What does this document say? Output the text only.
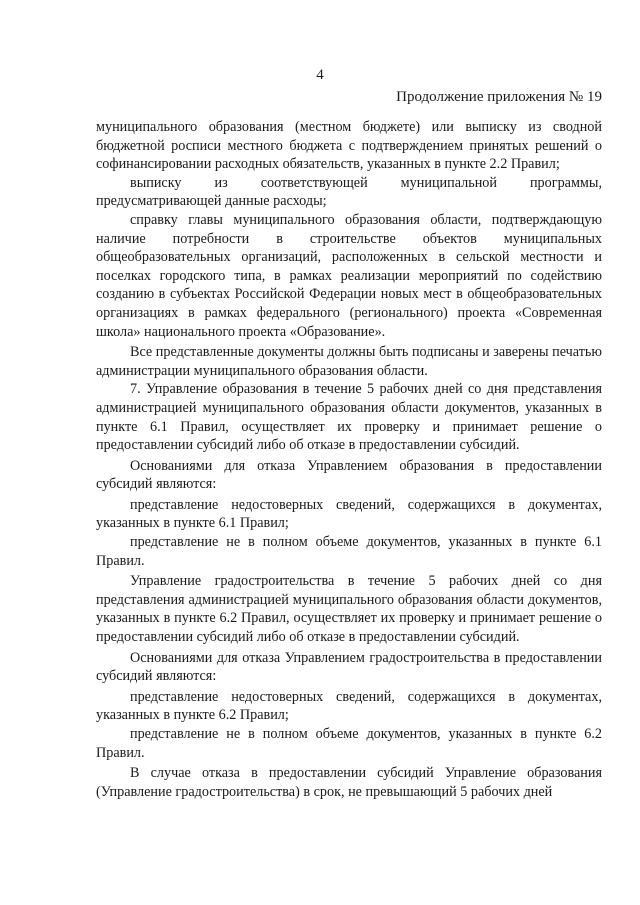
4
Продолжение приложения № 19

муниципального образования (местном бюджете) или выписку из сводной бюджетной росписи местного бюджета с подтверждением принятых решений о софинансировании расходных обязательств, указанных в пункте 2.2 Правил;

выписку из соответствующей муниципальной программы, предусматривающей данные расходы;

справку главы муниципального образования области, подтверждающую наличие потребности в строительстве объектов муниципальных общеобразовательных организаций, расположенных в сельской местности и поселках городского типа, в рамках реализации мероприятий по содействию созданию в субъектах Российской Федерации новых мест в общеобразовательных организациях в рамках федерального (регионального) проекта «Современная школа» национального проекта «Образование».

Все представленные документы должны быть подписаны и заверены печатью администрации муниципального образования области.

7. Управление образования в течение 5 рабочих дней со дня представления администрацией муниципального образования области документов, указанных в пункте 6.1 Правил, осуществляет их проверку и принимает решение о предоставлении субсидий либо об отказе в предоставлении субсидий.

Основаниями для отказа Управлением образования в предоставлении субсидий являются:

представление недостоверных сведений, содержащихся в документах, указанных в пункте 6.1 Правил;

представление не в полном объеме документов, указанных в пункте 6.1 Правил.

Управление градостроительства в течение 5 рабочих дней со дня представления администрацией муниципального образования области документов, указанных в пункте 6.2 Правил, осуществляет их проверку и принимает решение о предоставлении субсидий либо об отказе в предоставлении субсидий.

Основаниями для отказа Управлением градостроительства в предоставлении субсидий являются:

представление недостоверных сведений, содержащихся в документах, указанных в пункте 6.2 Правил;

представление не в полном объеме документов, указанных в пункте 6.2 Правил.

В случае отказа в предоставлении субсидий Управление образования (Управление градостроительства) в срок, не превышающий 5 рабочих дней
